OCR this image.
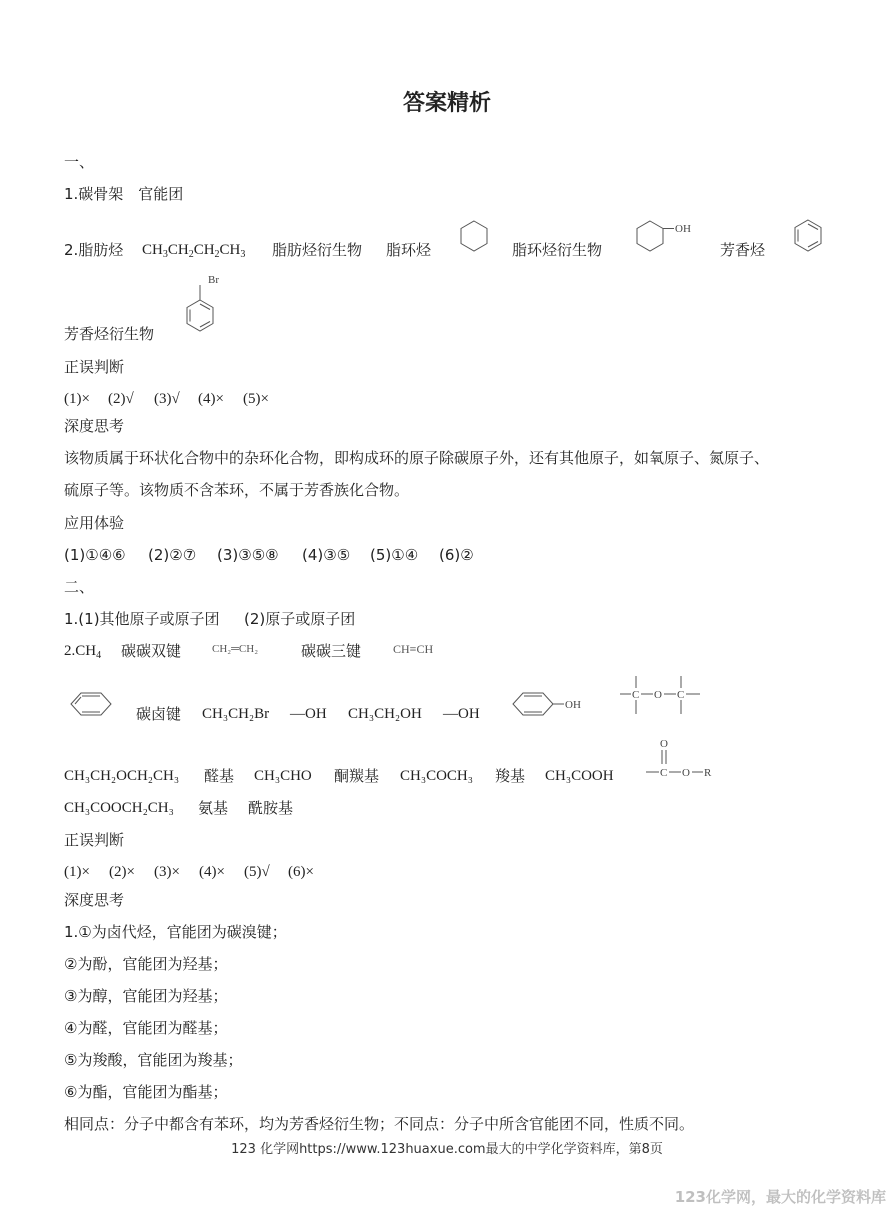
答案精析
一、
1.碳骨架　官能团
2.脂肪烃 $CH_3CH_2CH_2CH_3$ 脂肪烃衍生物 脂环烃	脂环烃衍生物	芳香烃
OH
Br
芳香烃衍生物
正误判断
(1)× (2)√ (3)√ (4)× (5)×
深度思考
该物质属于环状化合物中的杂环化合物，即构成环的原子除碳原子外，还有其他原子，如氧原子、氮原子、
硫原子等。该物质不含苯环，不属于芳香族化合物。
应用体验
(1)①④⑥ (2)②⑦ (3)③⑤⑧ (4)③⑤ (5)①④ (6)②
二、
1.(1)其他原子或原子团 (2)原子或原子团
$2.CH_4$ 碳碳双键	CH₂═CH₂	碳碳三键	CH≡CH
碳卤键 CH₃CH₂Br —OH CH₃CH₂OH —OH
OH
C O C
CH₃CH₂OCH₂CH₃ 醛基 CH₃CHO 酮羰基 CH₃COCH₃ 羧基 CH₃COOH
O
C O R
CH₃COOCH₂CH₃ 氨基 酰胺基
正误判断
(1)× (2)× (3)× (4)× (5)√ (6)×
深度思考
1.①为卤代烃，官能团为碳溴键；
②为酚，官能团为羟基；
③为醇，官能团为羟基；
④为醛，官能团为醛基；
⑤为羧酸，官能团为羧基；
⑥为酯，官能团为酯基；
相同点：分子中都含有苯环，均为芳香烃衍生物；不同点：分子中所含官能团不同，性质不同。
123 化学网https://www.123huaxue.com最大的中学化学资料库，第8页
123化学网，最大的化学资料库
